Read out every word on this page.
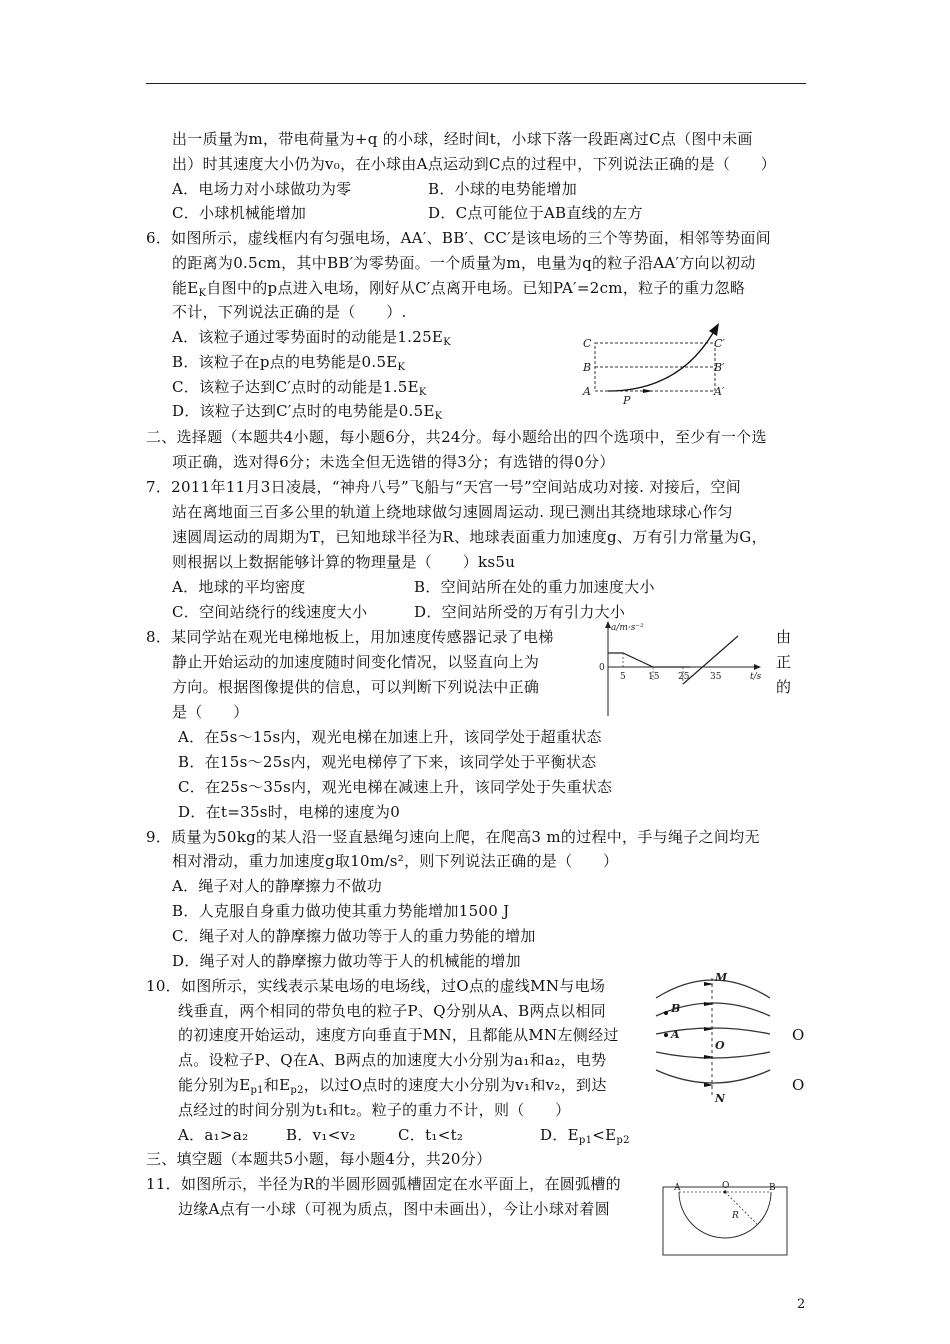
出一质量为m，带电荷量为+q 的小球，经时间t，小球下落一段距离过C点（图中未画
出）时其速度大小仍为v₀，在小球由A点运动到C点的过程中，下列说法正确的是（　　）
A．电场力对小球做功为零	B．小球的电势能增加
C．小球机械能增加	D．C点可能位于AB直线的左方
6．如图所示，虚线框内有匀强电场，AA′、BB′、CC′是该电场的三个等势面，相邻等势面间
的距离为0.5cm，其中BB′为零势面。一个质量为m，电量为q的粒子沿AA′方向以初动
能$E_K$自图中的p点进入电场，刚好从C′点离开电场。已知PA′=2cm，粒子的重力忽略
不计，下列说法正确的是（　　）.
A．该粒子通过零势面时的动能是$1.25E_K$
B．该粒子在p点的电势能是$0.5E_K$
C．该粒子达到C′点时的动能是$1.5E_K$
D．该粒子达到C′点时的电势能是$0.5E_K$
C
B
A
C′
B′
A′
P
二、选择题（本题共4小题，每小题6分，共24分。每小题给出的四个选项中，至少有一个选
项正确，选对得6分；未选全但无选错的得3分；有选错的得0分）
7．2011年11月3日凌晨，“神舟八号”飞船与“天宫一号”空间站成功对接. 对接后，空间
站在离地面三百多公里的轨道上绕地球做匀速圆周运动. 现已测出其绕地球球心作匀
速圆周运动的周期为T，已知地球半径为R、地球表面重力加速度g、万有引力常量为G，
则根据以上数据能够计算的物理量是（　　）ks5u
A．地球的平均密度	B．空间站所在处的重力加速度大小
C．空间站绕行的线速度大小	D．空间站所受的万有引力大小
8．某同学站在观光电梯地板上，用加速度传感器记录了电梯
静止开始运动的加速度随时间变化情况，以竖直向上为
方向。根据图像提供的信息，可以判断下列说法中正确
是（　　）
由
正
的
a/m·s⁻²
t/s
0
5 15 25 35
A．在5s～15s内，观光电梯在加速上升，该同学处于超重状态
B．在15s～25s内，观光电梯停了下来，该同学处于平衡状态
C．在25s～35s内，观光电梯在减速上升，该同学处于失重状态
D．在t=35s时，电梯的速度为0
9．质量为50kg的某人沿一竖直悬绳匀速向上爬，在爬高3 m的过程中，手与绳子之间均无
相对滑动，重力加速度g取10m/s²，则下列说法正确的是（　　）
A．绳子对人的静摩擦力不做功
B．人克服自身重力做功使其重力势能增加1500 J
C．绳子对人的静摩擦力做功等于人的重力势能的增加
D．绳子对人的静摩擦力做功等于人的机械能的增加
10．如图所示，实线表示某电场的电场线，过O点的虚线MN与电场
线垂直，两个相同的带负电的粒子P、Q分别从A、B两点以相同
的初速度开始运动，速度方向垂直于MN，且都能从MN左侧经过
点。设粒子P、Q在A、B两点的加速度大小分别为a₁和a₂，电势
能分别为$E_{p1}$和$E_{p2}$，以过O点时的速度大小分别为v₁和v₂，到达
点经过的时间分别为t₁和t₂。粒子的重力不计，则（　　）
O
O
A．a₁>a₂	B．v₁<v₂	C．t₁<t₂	D．$E_{p1}<E_{p2}$
M
B
A
O
N
三、填空题（本题共5小题，每小题4分，共20分）
11．如图所示，半径为R的半圆形圆弧槽固定在水平面上，在圆弧槽的
边缘A点有一小球（可视为质点，图中未画出），今让小球对着圆
A	O	B
R
2
